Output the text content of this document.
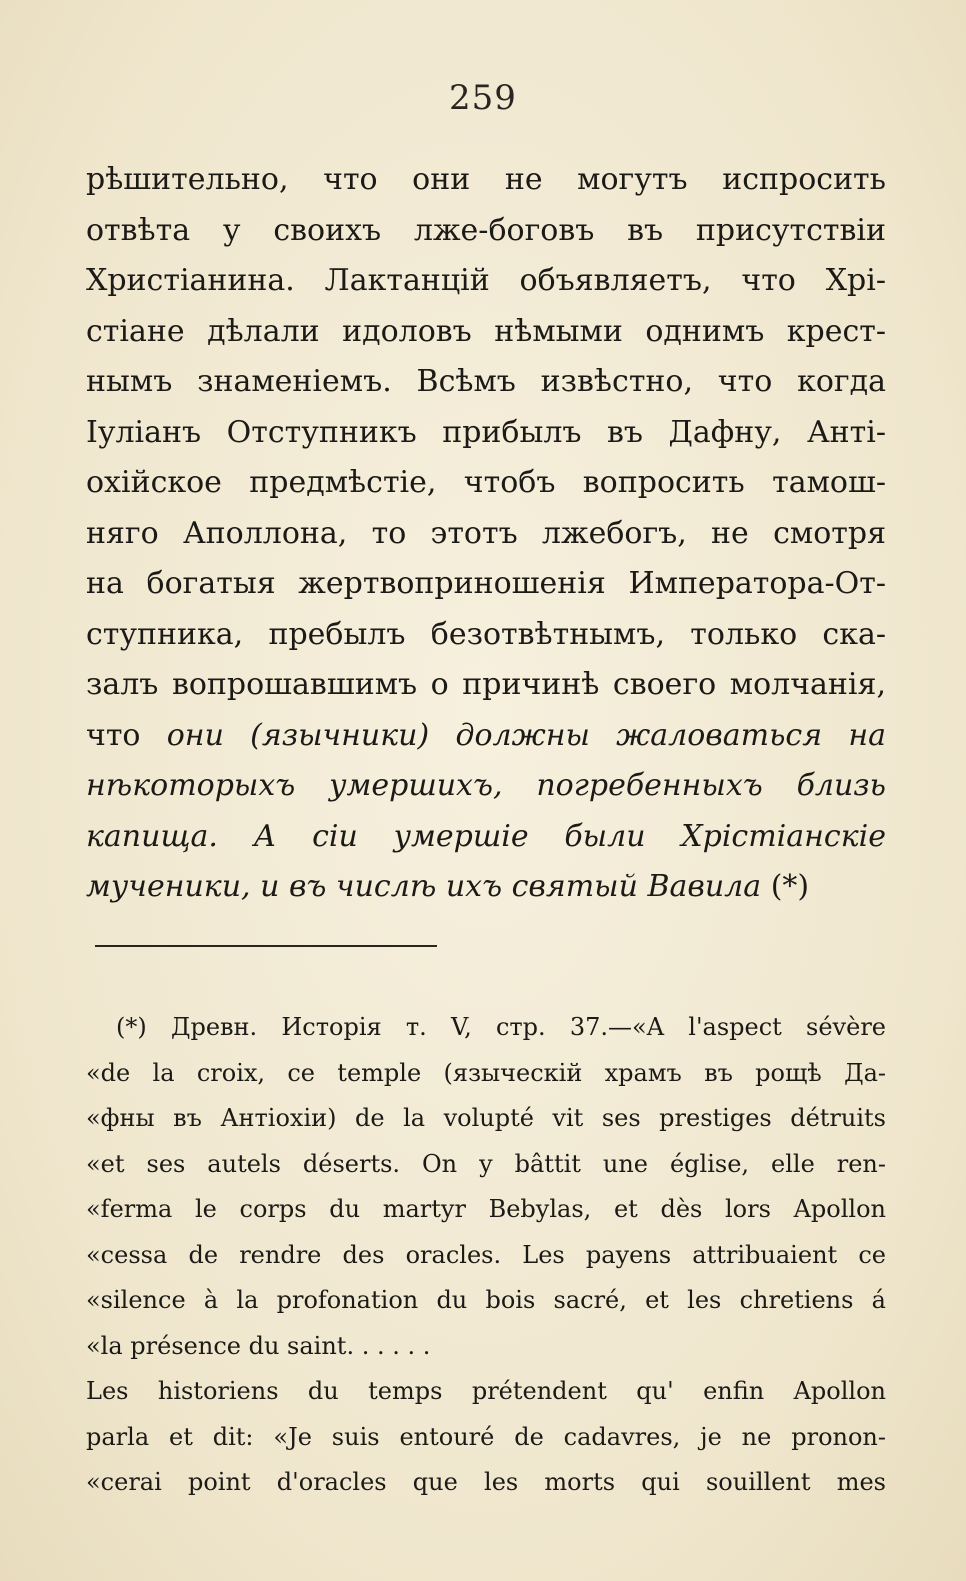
259
рѣшительно, что они не могутъ испросить
отвѣта у своихъ лже-боговъ въ присутствіи
Христіанина. Лактанцій объявляетъ, что Хрі-
стіане дѣлали идоловъ нѣмыми однимъ крест-
нымъ знаменіемъ. Всѣмъ извѣстно, что когда
Іуліанъ Отступникъ прибылъ въ Дафну, Анті-
охійское предмѣстіе, чтобъ вопросить тамош-
няго Аполлона, то этотъ лжебогъ, не смотря
на богатыя жертвоприношенія Императора-От-
ступника, пребылъ безотвѣтнымъ, только ска-
залъ вопрошавшимъ о причинѣ своего молчанія,
что они (язычники) должны жаловаться на
нѣкоторыхъ умершихъ, погребенныхъ близь
капища. А сіи умершіе были Хрістіанскіе
мученики, и въ числѣ ихъ святый Вавила (*)
(*) Древн. Исторія т. V, стр. 37.—«A l'aspect sévère
«de la croix, ce temple (языческій храмъ въ рощѣ Да-
«фны въ Антіохіи) de la volupté vit ses prestiges détruits
«et ses autels déserts. On y bâttit une église, elle ren-
«ferma le corps du martyr Bebylas, et dès lors Apollon
«cessa de rendre des oracles. Les payens attribuaient ce
«silence à la profonation du bois sacré, et les chretiens á
«la présence du saint. . . . . .
Les historiens du temps prétendent qu' enfin Apollon
parla et dit: «Je suis entouré de cadavres, je ne pronon-
«cerai point d'oracles que les morts qui souillent mes
